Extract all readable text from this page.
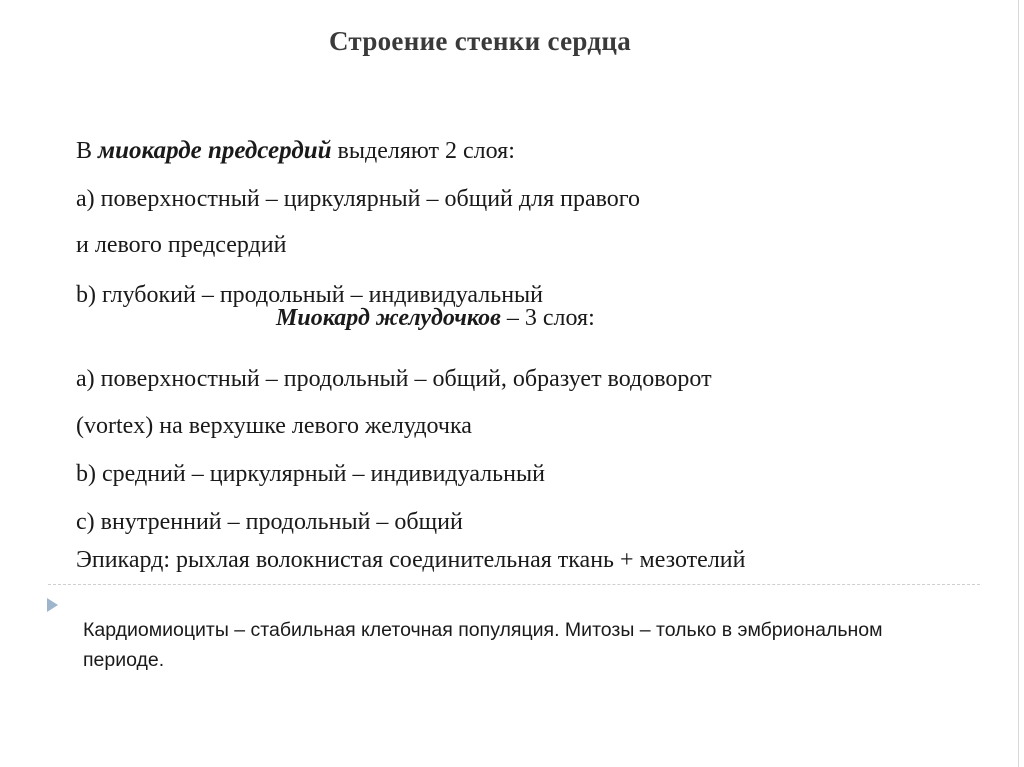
Строение стенки сердца
В миокарде предсердий выделяют 2 слоя:
а) поверхностный – циркулярный – общий для правого
и левого предсердий
b) глубокий – продольный – индивидуальный
Миокард желудочков – 3 слоя:
а) поверхностный – продольный – общий, образует водоворот
(vortex) на верхушке левого желудочка
b) средний – циркулярный – индивидуальный
c) внутренний – продольный – общий
Эпикард: рыхлая волокнистая соединительная ткань + мезотелий
Кардиомиоциты – стабильная клеточная популяция. Митозы – только в эмбриональном периоде.
